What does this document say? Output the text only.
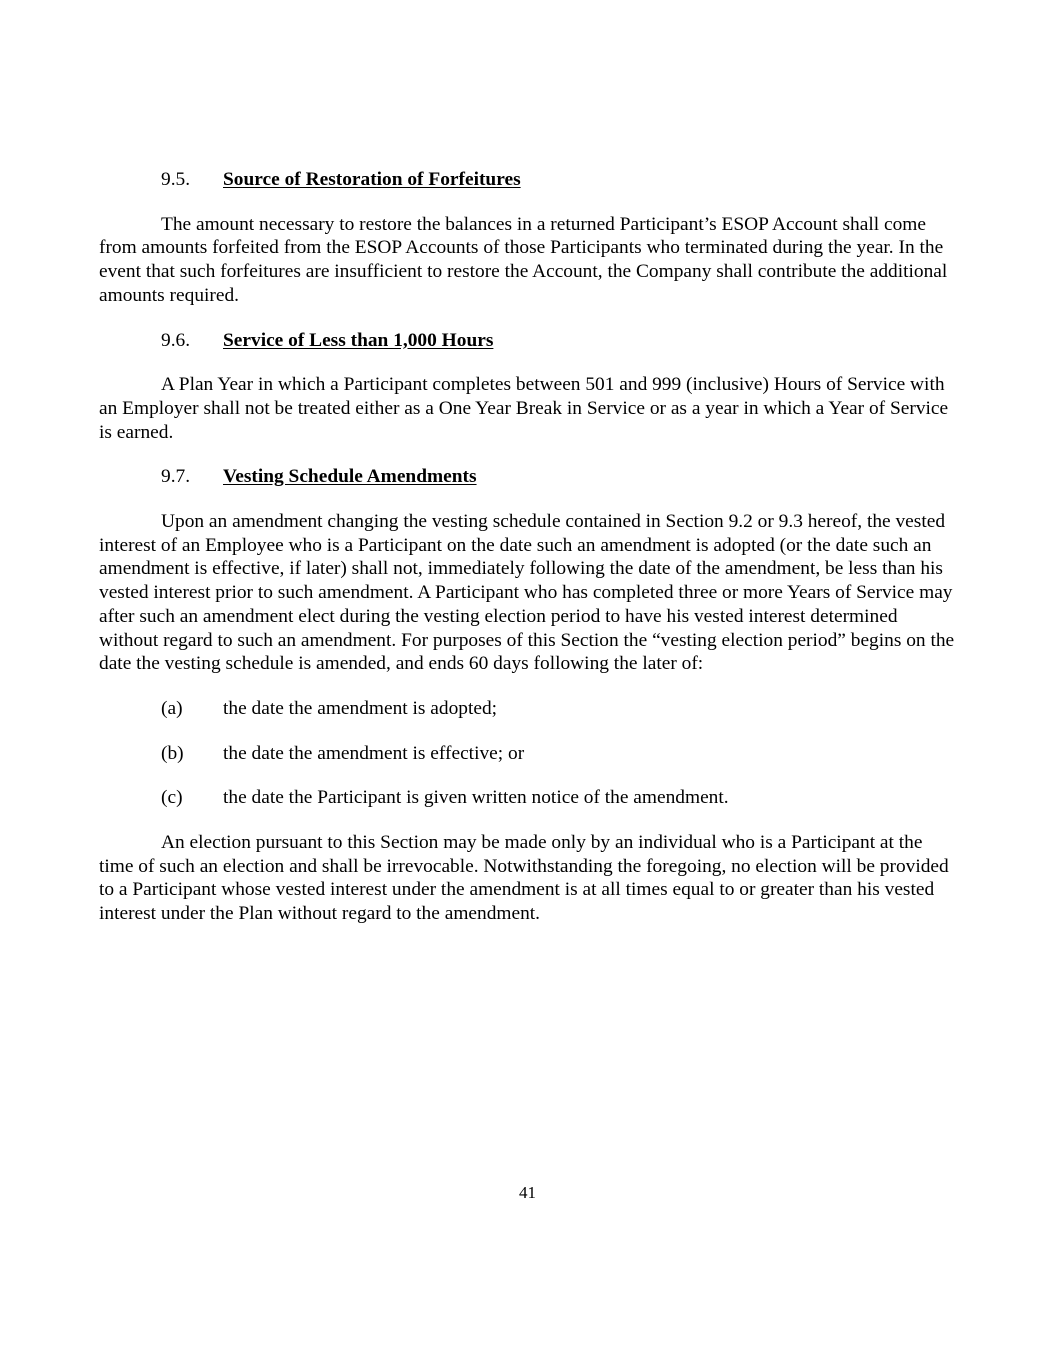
9.5. Source of Restoration of Forfeitures

The amount necessary to restore the balances in a returned Participant’s ESOP Account shall come from amounts forfeited from the ESOP Accounts of those Participants who terminated during the year. In the event that such forfeitures are insufficient to restore the Account, the Company shall contribute the additional amounts required.

9.6. Service of Less than 1,000 Hours

A Plan Year in which a Participant completes between 501 and 999 (inclusive) Hours of Service with an Employer shall not be treated either as a One Year Break in Service or as a year in which a Year of Service is earned.

9.7. Vesting Schedule Amendments

Upon an amendment changing the vesting schedule contained in Section 9.2 or 9.3 hereof, the vested interest of an Employee who is a Participant on the date such an amendment is adopted (or the date such an amendment is effective, if later) shall not, immediately following the date of the amendment, be less than his vested interest prior to such amendment. A Participant who has completed three or more Years of Service may after such an amendment elect during the vesting election period to have his vested interest determined without regard to such an amendment. For purposes of this Section the “vesting election period” begins on the date the vesting schedule is amended, and ends 60 days following the later of:

(a) the date the amendment is adopted;
(b) the date the amendment is effective; or
(c) the date the Participant is given written notice of the amendment.

An election pursuant to this Section may be made only by an individual who is a Participant at the time of such an election and shall be irrevocable. Notwithstanding the foregoing, no election will be provided to a Participant whose vested interest under the amendment is at all times equal to or greater than his vested interest under the Plan without regard to the amendment.

41
